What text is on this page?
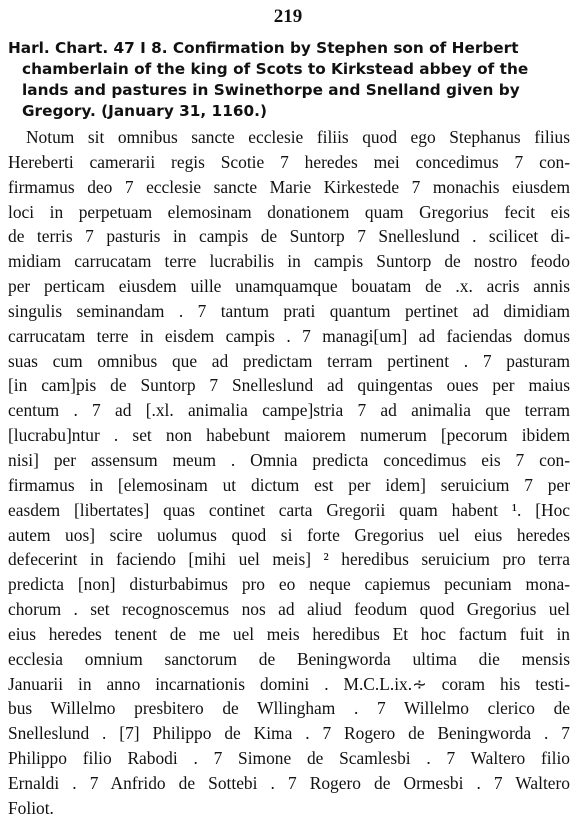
219
Harl. Chart. 47 I 8. Confirmation by Stephen son of Herbert
chamberlain of the king of Scots to Kirkstead abbey of the
lands and pastures in Swinethorpe and Snelland given by
Gregory. (January 31, 1160.)
Notum sit omnibus sancte ecclesie filiis quod ego Stephanus filius
Hereberti camerarii regis Scotie 7 heredes mei concedimus 7 con-
firmamus deo 7 ecclesie sancte Marie Kirkestede 7 monachis eiusdem
loci in perpetuam elemosinam donationem quam Gregorius fecit eis
de terris 7 pasturis in campis de Suntorp 7 Snelleslund . scilicet di-
midiam carrucatam terre lucrabilis in campis Suntorp de nostro feodo
per perticam eiusdem uille unamquamque bouatam de .x. acris annis
singulis seminandam . 7 tantum prati quantum pertinet ad dimidiam
carrucatam terre in eisdem campis . 7 managi[um] ad faciendas domus
suas cum omnibus que ad predictam terram pertinent . 7 pasturam
[in cam]pis de Suntorp 7 Snelleslund ad quingentas oues per maius
centum . 7 ad [.xl. animalia campe]stria 7 ad animalia que terram
[lucrabu]ntur . set non habebunt maiorem numerum [pecorum ibidem
nisi] per assensum meum . Omnia predicta concedimus eis 7 con-
firmamus in [elemosinam ut dictum est per idem] seruicium 7 per
easdem [libertates] quas continet carta Gregorii quam habent ¹. [Hoc
autem uos] scire uolumus quod si forte Gregorius uel eius heredes
defecerint in faciendo [mihi uel meis] ² heredibus seruicium pro terra
predicta [non] disturbabimus pro eo neque capiemus pecuniam mona-
chorum . set recognoscemus nos ad aliud feodum quod Gregorius uel
eius heredes tenent de me uel meis heredibus Et hoc factum fuit in
ecclesia omnium sanctorum de Beningworda ultima die mensis
Januarii in anno incarnationis domini . M.C.L.ix.∻ coram his testi-
bus Willelmo presbitero de Wllingham . 7 Willelmo clerico de
Snelleslund . [7] Philippo de Kima . 7 Rogero de Beningworda . 7
Philippo filio Rabodi . 7 Simone de Scamlesbi . 7 Waltero filio
Ernaldi . 7 Anfrido de Sottebi . 7 Rogero de Ormesbi . 7 Waltero
Foliot.
